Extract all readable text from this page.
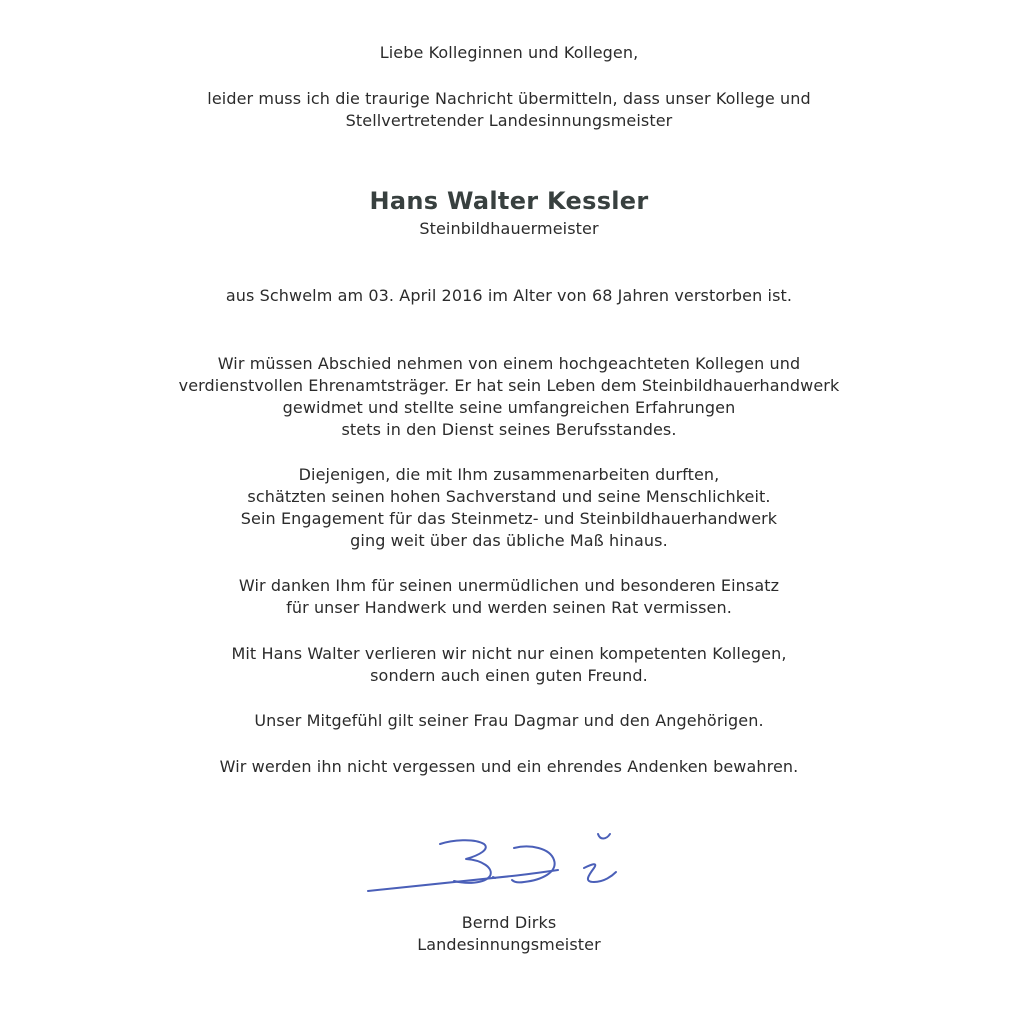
Liebe Kolleginnen und Kollegen,
leider muss ich die traurige Nachricht übermitteln, dass unser Kollege und
Stellvertretender Landesinnungsmeister
Hans Walter Kessler
Steinbildhauermeister
aus Schwelm am 03. April 2016 im Alter von 68 Jahren verstorben ist.
Wir müssen Abschied nehmen von einem hochgeachteten Kollegen und
verdienstvollen Ehrenamtsträger. Er hat sein Leben dem Steinbildhauerhandwerk
gewidmet und stellte seine umfangreichen Erfahrungen
stets in den Dienst seines Berufsstandes.
Diejenigen, die mit Ihm zusammenarbeiten durften,
schätzten seinen hohen Sachverstand und seine Menschlichkeit.
Sein Engagement für das Steinmetz- und Steinbildhauerhandwerk
ging weit über das übliche Maß hinaus.
Wir danken Ihm für seinen unermüdlichen und besonderen Einsatz
für unser Handwerk und werden seinen Rat vermissen.
Mit Hans Walter verlieren wir nicht nur einen kompetenten Kollegen,
sondern auch einen guten Freund.
Unser Mitgefühl gilt seiner Frau Dagmar und den Angehörigen.
Wir werden ihn nicht vergessen und ein ehrendes Andenken bewahren.
Bernd Dirks
Landesinnungsmeister
